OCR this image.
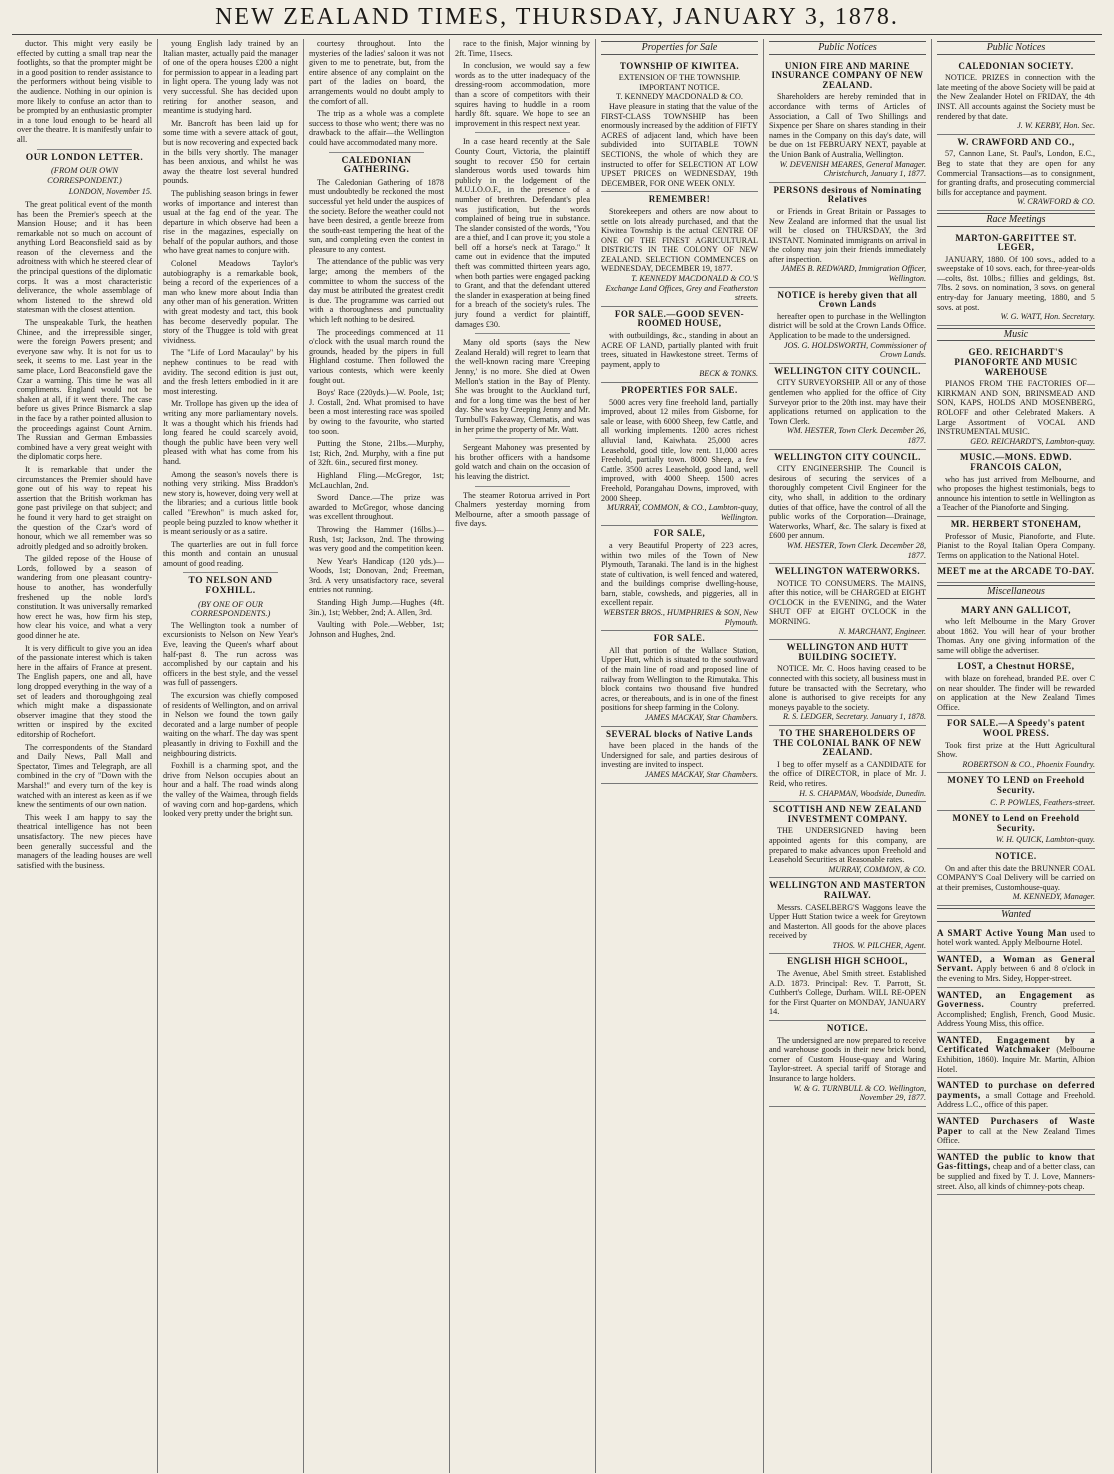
NEW ZEALAND TIMES, THURSDAY, JANUARY 3, 1878.

ductor. This might very easily be effected by cutting a small trap near the footlights, so that the prompter might be in a good position to render assistance to the performers without being visible to the audience. Nothing in our opinion is more likely to confuse an actor than to be prompted by an enthusiastic prompter in a tone loud enough to be heard all over the theatre. It is manifestly unfair to all.

OUR LONDON LETTER.
(FROM OUR OWN CORRESPONDENT.)

LONDON, November 15.

The great political event of the month has been the Premier's speech at the Mansion House; and it has been remarkable not so much on account of anything Lord Beaconsfield said as by reason of the cleverness and the adroitness with which he steered clear of the principal questions of the diplomatic corps. It was a most characteristic deliverance, the whole assemblage of whom listened to the shrewd old statesman with the closest attention.

The unspeakable Turk, the heathen Chinee, and the irrepressible singer, were the foreign Powers present; and everyone saw why. It is not for us to seek, it seems to me. Last year in the same place, Lord Beaconsfield gave the Czar a warning. This time he was all compliments. England would not be shaken at all, if it went there. The case before us gives Prince Bismarck a slap in the face by a rather pointed allusion to the proceedings against Count Arnim. The Russian and German Embassies combined have a very great weight with the diplomatic corps here.

It is remarkable that under the circumstances the Premier should have gone out of his way to repeat his assertion that the British workman has gone past privilege on that subject; and he found it very hard to get straight on the question of the Czar's word of honour, which we all remember was so adroitly pledged and so adroitly broken.

The gilded repose of the House of Lords, followed by a season of wandering from one pleasant country-house to another, has wonderfully freshened up the noble lord's constitution. It was universally remarked how erect he was, how firm his step, how clear his voice, and what a very good dinner he ate.

It is very difficult to give you an idea of the passionate interest which is taken here in the affairs of France at present. The English papers, one and all, have long dropped everything in the way of a set of leaders and thoroughgoing zeal which might make a dispassionate observer imagine that they stood the written or inspired by the excited editorship of Rochefort.

The correspondents of the Standard and Daily News, Pall Mall and Spectator, Times and Telegraph, are all combined in the cry of "Down with the Marshal!" and every turn of the key is watched with an interest as keen as if we knew the sentiments of our own nation.

This week I am happy to say the theatrical intelligence has not been unsatisfactory. The new pieces have been generally successful and the managers of the leading houses are well satisfied with the business.

young English lady trained by an Italian master, actually paid the manager of one of the opera houses £200 a night for permission to appear in a leading part in light opera. The young lady was not very successful. She has decided upon retiring for another season, and meantime is studying hard.

Mr. Bancroft has been laid up for some time with a severe attack of gout, but is now recovering and expected back in the bills very shortly. The manager has been anxious, and whilst he was away the theatre lost several hundred pounds.

The publishing season brings in fewer works of importance and interest than usual at the fag end of the year. The departure in which observe had been a rise in the magazines, especially on behalf of the popular authors, and those who have great names to conjure with.

Colonel Meadows Taylor's autobiography is a remarkable book, being a record of the experiences of a man who knew more about India than any other man of his generation. Written with great modesty and tact, this book has become deservedly popular. The story of the Thuggee is told with great vividness.

The "Life of Lord Macaulay" by his nephew continues to be read with avidity. The second edition is just out, and the fresh letters embodied in it are most interesting.

Mr. Trollope has given up the idea of writing any more parliamentary novels. It was a thought which his friends had long feared he could scarcely avoid, though the public have been very well pleased with what has come from his hand.

Among the season's novels there is nothing very striking. Miss Braddon's new story is, however, doing very well at the libraries; and a curious little book called "Erewhon" is much asked for, people being puzzled to know whether it is meant seriously or as a satire.

The quarterlies are out in full force this month and contain an unusual amount of good reading.

TO NELSON AND FOXHILL.
(BY ONE OF OUR CORRESPONDENTS.)

The Wellington took a number of excursionists to Nelson on New Year's Eve, leaving the Queen's wharf about half-past 8. The run across was accomplished by our captain and his officers in the best style, and the vessel was full of passengers.

The excursion was chiefly composed of residents of Wellington, and on arrival in Nelson we found the town gaily decorated and a large number of people waiting on the wharf. The day was spent pleasantly in driving to Foxhill and the neighbouring districts.

Foxhill is a charming spot, and the drive from Nelson occupies about an hour and a half. The road winds along the valley of the Waimea, through fields of waving corn and hop-gardens, which looked very pretty under the bright sun.

courtesy throughout. Into the mysteries of the ladies' saloon it was not given to me to penetrate, but, from the entire absence of any complaint on the part of the ladies on board, the arrangements would no doubt amply to the comfort of all.

The trip as a whole was a complete success to those who went; there was no drawback to the affair—the Wellington could have accommodated many more.

CALEDONIAN GATHERING.

The Caledonian Gathering of 1878 must undoubtedly be reckoned the most successful yet held under the auspices of the society. Before the weather could not have been desired, a gentle breeze from the south-east tempering the heat of the sun, and completing even the contest in pleasure to any contest.

The attendance of the public was very large; among the members of the committee to whom the success of the day must be attributed the greatest credit is due. The programme was carried out with a thoroughness and punctuality which left nothing to be desired.

The proceedings commenced at 11 o'clock with the usual march round the grounds, headed by the pipers in full Highland costume. Then followed the various contests, which were keenly fought out.

Boys' Race (220yds.)—W. Poole, 1st; J. Costall, 2nd. What promised to have been a most interesting race was spoiled by owing to the favourite, who started too soon.

Putting the Stone, 21lbs.—Murphy, 1st; Rich, 2nd. Murphy, with a fine put of 32ft. 6in., secured first money.

Highland Fling.—McGregor, 1st; McLauchlan, 2nd.

Sword Dance.—The prize was awarded to McGregor, whose dancing was excellent throughout.

Throwing the Hammer (16lbs.)—Rush, 1st; Jackson, 2nd. The throwing was very good and the competition keen.

New Year's Handicap (120 yds.)—Woods, 1st; Donovan, 2nd; Freeman, 3rd. A very unsatisfactory race, several entries not running.

Standing High Jump.—Hughes (4ft. 3in.), 1st; Webber, 2nd; A. Allen, 3rd.

Vaulting with Pole.—Webber, 1st; Johnson and Hughes, 2nd.

race to the finish, Major winning by 2ft. Time, 11secs.

In conclusion, we would say a few words as to the utter inadequacy of the dressing-room accommodation, more than a score of competitors with their squires having to huddle in a room hardly 8ft. square. We hope to see an improvement in this respect next year.

In a case heard recently at the Sale County Court, Victoria, the plaintiff sought to recover £50 for certain slanderous words used towards him publicly in the lodgement of the M.U.I.O.O.F., in the presence of a number of brethren. Defendant's plea was justification, but the words complained of being true in substance. The slander consisted of the words, "You are a thief, and I can prove it; you stole a bell off a horse's neck at Tarago." It came out in evidence that the imputed theft was committed thirteen years ago, when both parties were engaged packing to Grant, and that the defendant uttered the slander in exasperation at being fined for a breach of the society's rules. The jury found a verdict for plaintiff, damages £30.

Many old sports (says the New Zealand Herald) will regret to learn that the well-known racing mare 'Creeping Jenny,' is no more. She died at Owen Mellon's station in the Bay of Plenty. She was brought to the Auckland turf, and for a long time was the best of her day. She was by Creeping Jenny and Mr. Turnbull's Fakeaway, Clematis, and was in her prime the property of Mr. Watt.

Sergeant Mahoney was presented by his brother officers with a handsome gold watch and chain on the occasion of his leaving the district.

The steamer Rotorua arrived in Port Chalmers yesterday morning from Melbourne, after a smooth passage of five days.

Properties for Sale
TOWNSHIP OF KIWITEA.
EXTENSION OF THE TOWNSHIP.
IMPORTANT NOTICE.
T. KENNEDY MACDONALD & CO.
Have pleasure in stating that the value of the FIRST-CLASS TOWNSHIP has been enormously increased by the addition of FIFTY ACRES of adjacent land, which have been subdivided into SUITABLE TOWN SECTIONS, the whole of which they are instructed to offer for SELECTION AT LOW UPSET PRICES on WEDNESDAY, 19th DECEMBER, FOR ONE WEEK ONLY.
REMEMBER!
Storekeepers and others are now about to settle on lots already purchased, and that the Kiwitea Township is the actual CENTRE OF ONE OF THE FINEST AGRICULTURAL DISTRICTS IN THE COLONY OF NEW ZEALAND. SELECTION COMMENCES on WEDNESDAY, DECEMBER 19, 1877.
T. KENNEDY MACDONALD & CO.'S Exchange Land Offices, Grey and Featherston streets.
FOR SALE.—GOOD SEVEN-ROOMED HOUSE,
with outbuildings, &c., standing in about an ACRE OF LAND, partially planted with fruit trees, situated in Hawkestone street. Terms of payment, apply to
BECK & TONKS.
PROPERTIES FOR SALE.
5000 acres very fine freehold land, partially improved, about 12 miles from Gisborne, for sale or lease, with 6000 Sheep, few Cattle, and all working implements. 1200 acres richest alluvial land, Kaiwhata. 25,000 acres Leasehold, good title, low rent. 11,000 acres Freehold, partially town. 8000 Sheep, a few Cattle. 3500 acres Leasehold, good land, well improved, with 4000 Sheep. 1500 acres Freehold, Porangahau Downs, improved, with 2000 Sheep.
MURRAY, COMMON, & CO., Lambton-quay, Wellington.
FOR SALE,
a very Beautiful Property of 223 acres, within two miles of the Town of New Plymouth, Taranaki. The land is in the highest state of cultivation, is well fenced and watered, and the buildings comprise dwelling-house, barn, stable, cowsheds, and piggeries, all in excellent repair.
WEBSTER BROS., HUMPHRIES & SON, New Plymouth.
FOR SALE.
All that portion of the Wallace Station, Upper Hutt, which is situated to the southward of the main line of road and proposed line of railway from Wellington to the Rimutaka. This block contains two thousand five hundred acres, or thereabouts, and is in one of the finest positions for sheep farming in the Colony.
JAMES MACKAY, Star Chambers.
SEVERAL blocks of Native Lands
have been placed in the hands of the Undersigned for sale, and parties desirous of investing are invited to inspect.
JAMES MACKAY, Star Chambers.
Public Notices
UNION FIRE AND MARINE INSURANCE COMPANY OF NEW ZEALAND.
Shareholders are hereby reminded that in accordance with terms of Articles of Association, a Call of Two Shillings and Sixpence per Share on shares standing in their names in the Company on this day's date, will be due on 1st FEBRUARY NEXT, payable at the Union Bank of Australia, Wellington.
W. DEVENISH MEARES, General Manager. Christchurch, January 1, 1877.
PERSONS desirous of Nominating Relatives
or Friends in Great Britain or Passages to New Zealand are informed that the usual list will be closed on THURSDAY, the 3rd INSTANT. Nominated immigrants on arrival in the colony may join their friends immediately after inspection.
JAMES B. REDWARD, Immigration Officer, Wellington.
NOTICE is hereby given that all Crown Lands
hereafter open to purchase in the Wellington district will be sold at the Crown Lands Office. Application to be made to the undersigned.
JOS. G. HOLDSWORTH, Commissioner of Crown Lands.
WELLINGTON CITY COUNCIL.
CITY SURVEYORSHIP. All or any of those gentlemen who applied for the office of City Surveyor prior to the 20th inst. may have their applications returned on application to the Town Clerk.
WM. HESTER, Town Clerk. December 26, 1877.
WELLINGTON CITY COUNCIL.
CITY ENGINEERSHIP. The Council is desirous of securing the services of a thoroughly competent Civil Engineer for the city, who shall, in addition to the ordinary duties of that office, have the control of all the public works of the Corporation—Drainage, Waterworks, Wharf, &c. The salary is fixed at £600 per annum.
WM. HESTER, Town Clerk. December 28, 1877.
WELLINGTON WATERWORKS.
NOTICE TO CONSUMERS. The MAINS, after this notice, will be CHARGED at EIGHT O'CLOCK in the EVENING, and the Water SHUT OFF at EIGHT O'CLOCK in the MORNING.
N. MARCHANT, Engineer.
WELLINGTON AND HUTT BUILDING SOCIETY.
NOTICE. Mr. C. Hoos having ceased to be connected with this society, all business must in future be transacted with the Secretary, who alone is authorised to give receipts for any moneys payable to the society.
R. S. LEDGER, Secretary. January 1, 1878.
TO THE SHAREHOLDERS OF THE COLONIAL BANK OF NEW ZEALAND.
I beg to offer myself as a CANDIDATE for the office of DIRECTOR, in place of Mr. J. Reid, who retires.
H. S. CHAPMAN, Woodside, Dunedin.
SCOTTISH AND NEW ZEALAND INVESTMENT COMPANY.
THE UNDERSIGNED having been appointed agents for this company, are prepared to make advances upon Freehold and Leasehold Securities at Reasonable rates.
MURRAY, COMMON, & CO.
WELLINGTON AND MASTERTON RAILWAY.
Messrs. CASELBERG'S Waggons leave the Upper Hutt Station twice a week for Greytown and Masterton. All goods for the above places received by
THOS. W. PILCHER, Agent.
ENGLISH HIGH SCHOOL,
The Avenue, Abel Smith street. Established A.D. 1873. Principal: Rev. T. Parrott, St. Cuthbert's College, Durham. WILL RE-OPEN for the First Quarter on MONDAY, JANUARY 14.
NOTICE.
The undersigned are now prepared to receive and warehouse goods in their new brick bond, corner of Custom House-quay and Waring Taylor-street. A special tariff of Storage and Insurance to large holders.
W. & G. TURNBULL & CO. Wellington, November 29, 1877.
Public Notices
CALEDONIAN SOCIETY.
NOTICE. PRIZES in connection with the late meeting of the above Society will be paid at the New Zealander Hotel on FRIDAY, the 4th INST. All accounts against the Society must be rendered by that date.
J. W. KERBY, Hon. Sec.
W. CRAWFORD AND CO.,
57, Cannon Lane, St. Paul's, London, E.C., Beg to state that they are open for any Commercial Transactions—as to consignment, for granting drafts, and prosecuting commercial bills for acceptance and payment.
W. CRAWFORD & CO.
Race Meetings
MARTON-GARFITTEE ST. LEGER,
JANUARY, 1880. Of 100 sovs., added to a sweepstake of 10 sovs. each, for three-year-olds—colts, 8st. 10lbs.; fillies and geldings, 8st. 7lbs. 2 sovs. on nomination, 3 sovs. on general entry-day for January meeting, 1880, and 5 sovs. at post.
W. G. WATT, Hon. Secretary.
Music
GEO. REICHARDT'S PIANOFORTE AND MUSIC WAREHOUSE
PIANOS FROM THE FACTORIES OF—KIRKMAN AND SON, BRINSMEAD AND SON, KAPS, HOLDS AND MOSENBERG, ROLOFF and other Celebrated Makers. A Large Assortment of VOCAL AND INSTRUMENTAL MUSIC.
GEO. REICHARDT'S, Lambton-quay.
MUSIC.—MONS. EDWD. FRANCOIS CALON,
who has just arrived from Melbourne, and who proposes the highest testimonials, begs to announce his intention to settle in Wellington as a Teacher of the Pianoforte and Singing.
MR. HERBERT STONEHAM,
Professor of Music, Pianoforte, and Flute. Pianist to the Royal Italian Opera Company. Terms on application to the National Hotel.
MEET me at the ARCADE TO-DAY.
Miscellaneous
MARY ANN GALLICOT,
who left Melbourne in the Mary Grover about 1862. You will hear of your brother Thomas. Any one giving information of the same will oblige the advertiser.
LOST, a Chestnut HORSE,
with blaze on forehead, branded P.E. over C on near shoulder. The finder will be rewarded on application at the New Zealand Times Office.
FOR SALE.—A Speedy's patent WOOL PRESS.
Took first prize at the Hutt Agricultural Show.
ROBERTSON & CO., Phoenix Foundry.
MONEY TO LEND on Freehold Security.
C. P. POWLES, Feathers-street.
MONEY to Lend on Freehold Security.
W. H. QUICK, Lambton-quay.
NOTICE.
On and after this date the BRUNNER COAL COMPANY'S Coal Delivery will be carried on at their premises, Customhouse-quay.
M. KENNEDY, Manager.
Wanted
A SMART Active Young Man used to hotel work wanted. Apply Melbourne Hotel.
WANTED, a Woman as General Servant. Apply between 6 and 8 o'clock in the evening to Mrs. Sidey, Hopper-street.
WANTED, an Engagement as Governess.	Country preferred. Accomplished; English, French, Good Music. Address Young Miss, this office.
WANTED, Engagement by a Certificated Watchmaker (Melbourne Exhibition, 1860). Inquire Mr. Martin, Albion Hotel.
WANTED to purchase on deferred payments, a small Cottage and Freehold. Address L.C., office of this paper.
WANTED Purchasers of Waste Paper to call at the New Zealand Times Office.
WANTED the public to know that Gas-fittings, cheap and of a better class, can be supplied and fixed by T. J. Love, Manners-street. Also, all kinds of chimney-pots cheap.
